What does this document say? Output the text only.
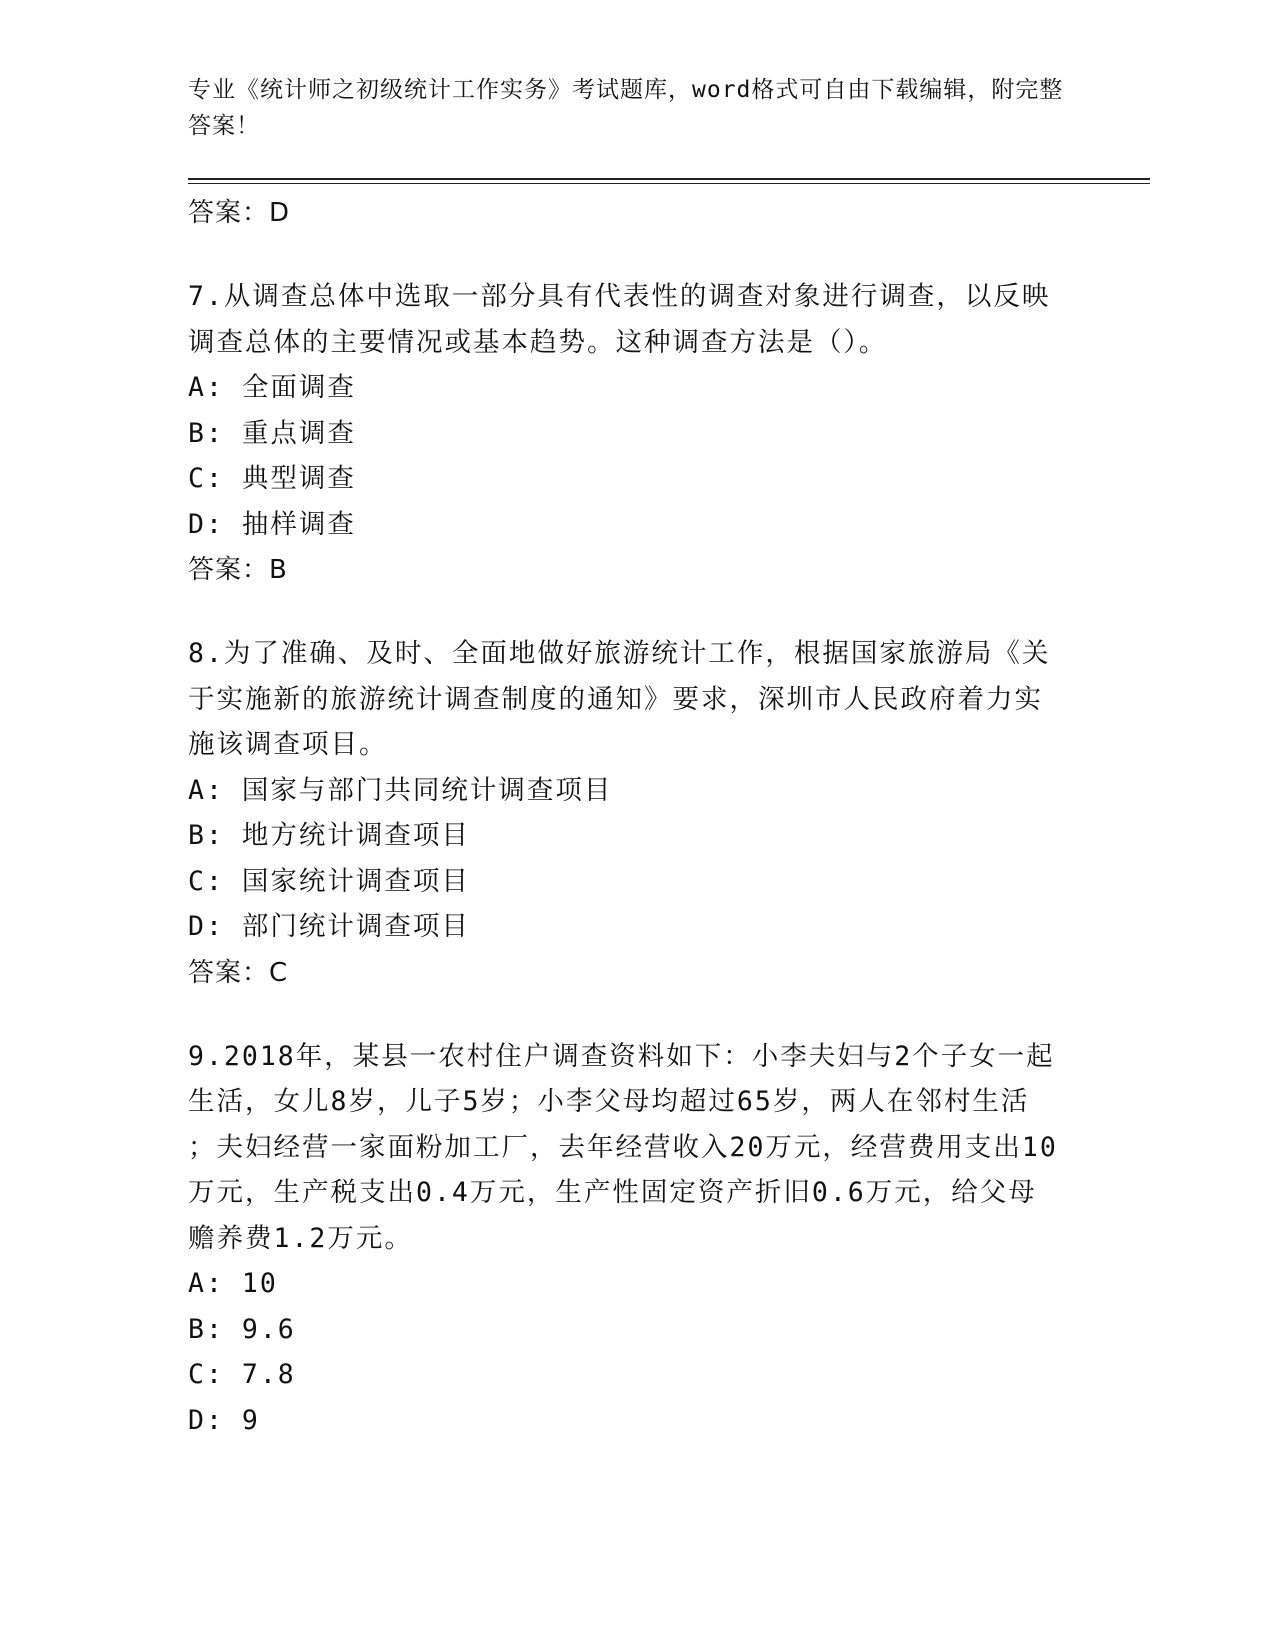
专业《统计师之初级统计工作实务》考试题库，word格式可自由下载编辑，附完整答案！
答案：D
7.从调查总体中选取一部分具有代表性的调查对象进行调查，以反映
调查总体的主要情况或基本趋势。这种调查方法是（）。
A: 全面调查
B: 重点调查
C: 典型调查
D: 抽样调查
答案：B
8.为了准确、及时、全面地做好旅游统计工作，根据国家旅游局《关
于实施新的旅游统计调查制度的通知》要求，深圳市人民政府着力实
施该调查项目。
A: 国家与部门共同统计调查项目
B: 地方统计调查项目
C: 国家统计调查项目
D: 部门统计调查项目
答案：C
9.2018年，某县一农村住户调查资料如下：小李夫妇与2个子女一起
生活，女儿8岁，儿子5岁；小李父母均超过65岁，两人在邻村生活
；夫妇经营一家面粉加工厂，去年经营收入20万元，经营费用支出10
万元，生产税支出0.4万元，生产性固定资产折旧0.6万元，给父母
赡养费1.2万元。
A: 10
B: 9.6
C: 7.8
D: 9
